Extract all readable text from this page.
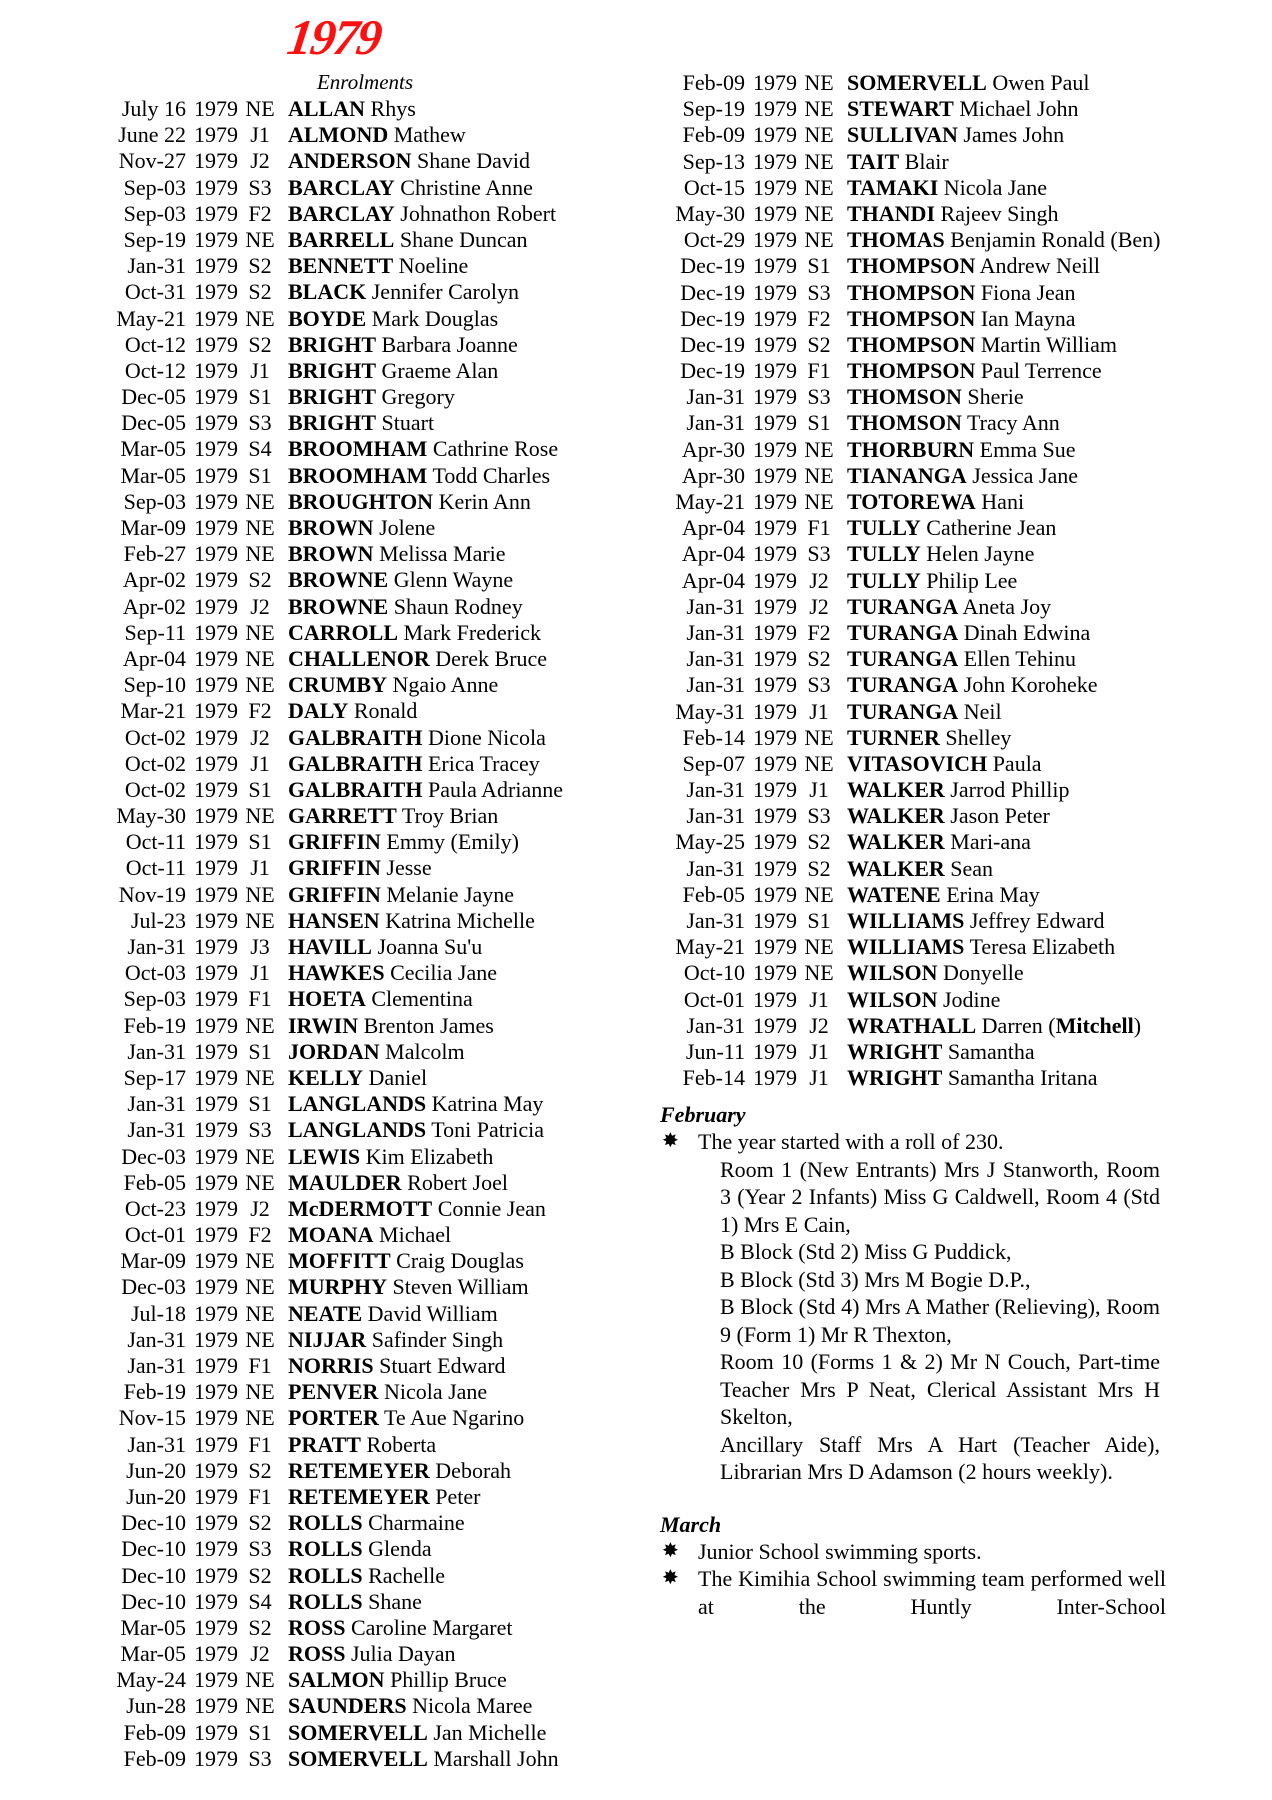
1979
Enrolments
July 16 1979 NE ALLAN Rhys
June 22 1979 J1 ALMOND Mathew
Nov-27 1979 J2 ANDERSON Shane David
Sep-03 1979 S3 BARCLAY Christine Anne
Sep-03 1979 F2 BARCLAY Johnathon Robert
Sep-19 1979 NE BARRELL Shane Duncan
Jan-31 1979 S2 BENNETT Noeline
Oct-31 1979 S2 BLACK Jennifer Carolyn
May-21 1979 NE BOYDE Mark Douglas
Oct-12 1979 S2 BRIGHT Barbara Joanne
Oct-12 1979 J1 BRIGHT Graeme Alan
Dec-05 1979 S1 BRIGHT Gregory
Dec-05 1979 S3 BRIGHT Stuart
Mar-05 1979 S4 BROOMHAM Cathrine Rose
Mar-05 1979 S1 BROOMHAM Todd Charles
Sep-03 1979 NE BROUGHTON Kerin Ann
Mar-09 1979 NE BROWN Jolene
Feb-27 1979 NE BROWN Melissa Marie
Apr-02 1979 S2 BROWNE Glenn Wayne
Apr-02 1979 J2 BROWNE Shaun Rodney
Sep-11 1979 NE CARROLL Mark Frederick
Apr-04 1979 NE CHALLENOR Derek Bruce
Sep-10 1979 NE CRUMBY Ngaio Anne
Mar-21 1979 F2 DALY Ronald
Oct-02 1979 J2 GALBRAITH Dione Nicola
Oct-02 1979 J1 GALBRAITH Erica Tracey
Oct-02 1979 S1 GALBRAITH Paula Adrianne
May-30 1979 NE GARRETT Troy Brian
Oct-11 1979 S1 GRIFFIN Emmy (Emily)
Oct-11 1979 J1 GRIFFIN Jesse
Nov-19 1979 NE GRIFFIN Melanie Jayne
Jul-23 1979 NE HANSEN Katrina Michelle
Jan-31 1979 J3 HAVILL Joanna Su'u
Oct-03 1979 J1 HAWKES Cecilia Jane
Sep-03 1979 F1 HOETA Clementina
Feb-19 1979 NE IRWIN Brenton James
Jan-31 1979 S1 JORDAN Malcolm
Sep-17 1979 NE KELLY Daniel
Jan-31 1979 S1 LANGLANDS Katrina May
Jan-31 1979 S3 LANGLANDS Toni Patricia
Dec-03 1979 NE LEWIS Kim Elizabeth
Feb-05 1979 NE MAULDER Robert Joel
Oct-23 1979 J2 McDERMOTT Connie Jean
Oct-01 1979 F2 MOANA Michael
Mar-09 1979 NE MOFFITT Craig Douglas
Dec-03 1979 NE MURPHY Steven William
Jul-18 1979 NE NEATE David William
Jan-31 1979 NE NIJJAR Safinder Singh
Jan-31 1979 F1 NORRIS Stuart Edward
Feb-19 1979 NE PENVER Nicola Jane
Nov-15 1979 NE PORTER Te Aue Ngarino
Jan-31 1979 F1 PRATT Roberta
Jun-20 1979 S2 RETEMEYER Deborah
Jun-20 1979 F1 RETEMEYER Peter
Dec-10 1979 S2 ROLLS Charmaine
Dec-10 1979 S3 ROLLS Glenda
Dec-10 1979 S2 ROLLS Rachelle
Dec-10 1979 S4 ROLLS Shane
Mar-05 1979 S2 ROSS Caroline Margaret
Mar-05 1979 J2 ROSS Julia Dayan
May-24 1979 NE SALMON Phillip Bruce
Jun-28 1979 NE SAUNDERS Nicola Maree
Feb-09 1979 S1 SOMERVELL Jan Michelle
Feb-09 1979 S3 SOMERVELL Marshall John
Feb-09 1979 NE SOMERVELL Owen Paul
Sep-19 1979 NE STEWART Michael John
Feb-09 1979 NE SULLIVAN James John
Sep-13 1979 NE TAIT Blair
Oct-15 1979 NE TAMAKI Nicola Jane
May-30 1979 NE THANDI Rajeev Singh
Oct-29 1979 NE THOMAS Benjamin Ronald (Ben)
Dec-19 1979 S1 THOMPSON Andrew Neill
Dec-19 1979 S3 THOMPSON Fiona Jean
Dec-19 1979 F2 THOMPSON Ian Mayna
Dec-19 1979 S2 THOMPSON Martin William
Dec-19 1979 F1 THOMPSON Paul Terrence
Jan-31 1979 S3 THOMSON Sherie
Jan-31 1979 S1 THOMSON Tracy Ann
Apr-30 1979 NE THORBURN Emma Sue
Apr-30 1979 NE TIANANGA Jessica Jane
May-21 1979 NE TOTOREWA Hani
Apr-04 1979 F1 TULLY Catherine Jean
Apr-04 1979 S3 TULLY Helen Jayne
Apr-04 1979 J2 TULLY Philip Lee
Jan-31 1979 J2 TURANGA Aneta Joy
Jan-31 1979 F2 TURANGA Dinah Edwina
Jan-31 1979 S2 TURANGA Ellen Tehinu
Jan-31 1979 S3 TURANGA John Koroheke
May-31 1979 J1 TURANGA Neil
Feb-14 1979 NE TURNER Shelley
Sep-07 1979 NE VITASOVICH Paula
Jan-31 1979 J1 WALKER Jarrod Phillip
Jan-31 1979 S3 WALKER Jason Peter
May-25 1979 S2 WALKER Mari-ana
Jan-31 1979 S2 WALKER Sean
Feb-05 1979 NE WATENE Erina May
Jan-31 1979 S1 WILLIAMS Jeffrey Edward
May-21 1979 NE WILLIAMS Teresa Elizabeth
Oct-10 1979 NE WILSON Donyelle
Oct-01 1979 J1 WILSON Jodine
Jan-31 1979 J2 WRATHALL Darren (Mitchell)
Jun-11 1979 J1 WRIGHT Samantha
Feb-14 1979 J1 WRIGHT Samantha Iritana
February
✸ The year started with a roll of 230.

Room 1 (New Entrants) Mrs J Stanworth, Room 3 (Year 2 Infants) Miss G Caldwell, Room 4 (Std 1) Mrs E Cain,

B Block (Std 2) Miss G Puddick,

B Block (Std 3) Mrs M Bogie D.P.,

B Block (Std 4) Mrs A Mather (Relieving), Room 9 (Form 1) Mr R Thexton,

Room 10 (Forms 1 & 2) Mr N Couch, Part-time Teacher Mrs P Neat, Clerical Assistant Mrs H Skelton,

Ancillary Staff Mrs A Hart (Teacher Aide), Librarian Mrs D Adamson (2 hours weekly).

March
✸ Junior School swimming sports.
✸ The Kimihia School swimming team performed well at the Huntly Inter-School
